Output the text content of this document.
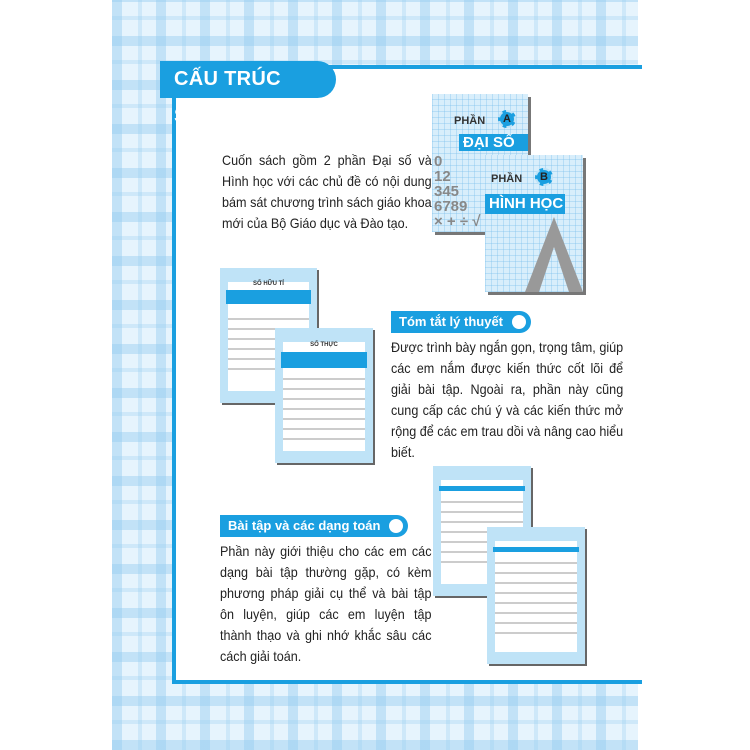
CẤU TRÚC SÁCH
Cuốn sách gồm 2 phần Đại số và Hình học với các chủ đề có nội dung bám sát chương trình sách giáo khoa mới của Bộ Giáo dục và Đào tạo.
PHẦN	A
ĐẠI SỐ
0
12
345
6789
× + ÷ √
PHẦN	B
HÌNH HỌC
SỐ HỮU TỈ
SỐ THỰC
Tóm tắt lý thuyết
Được trình bày ngắn gọn, trọng tâm, giúp các em nắm được kiến thức cốt lõi để giải bài tập. Ngoài ra, phần này cũng cung cấp các chú ý và các kiến thức mở rộng để các em trau dồi và nâng cao hiểu biết.
Bài tập và các dạng toán
Phần này giới thiệu cho các em các dạng bài tập thường gặp, có kèm phương pháp giải cụ thể và bài tập ôn luyện, giúp các em luyện tập thành thạo và ghi nhớ khắc sâu các cách giải toán.
